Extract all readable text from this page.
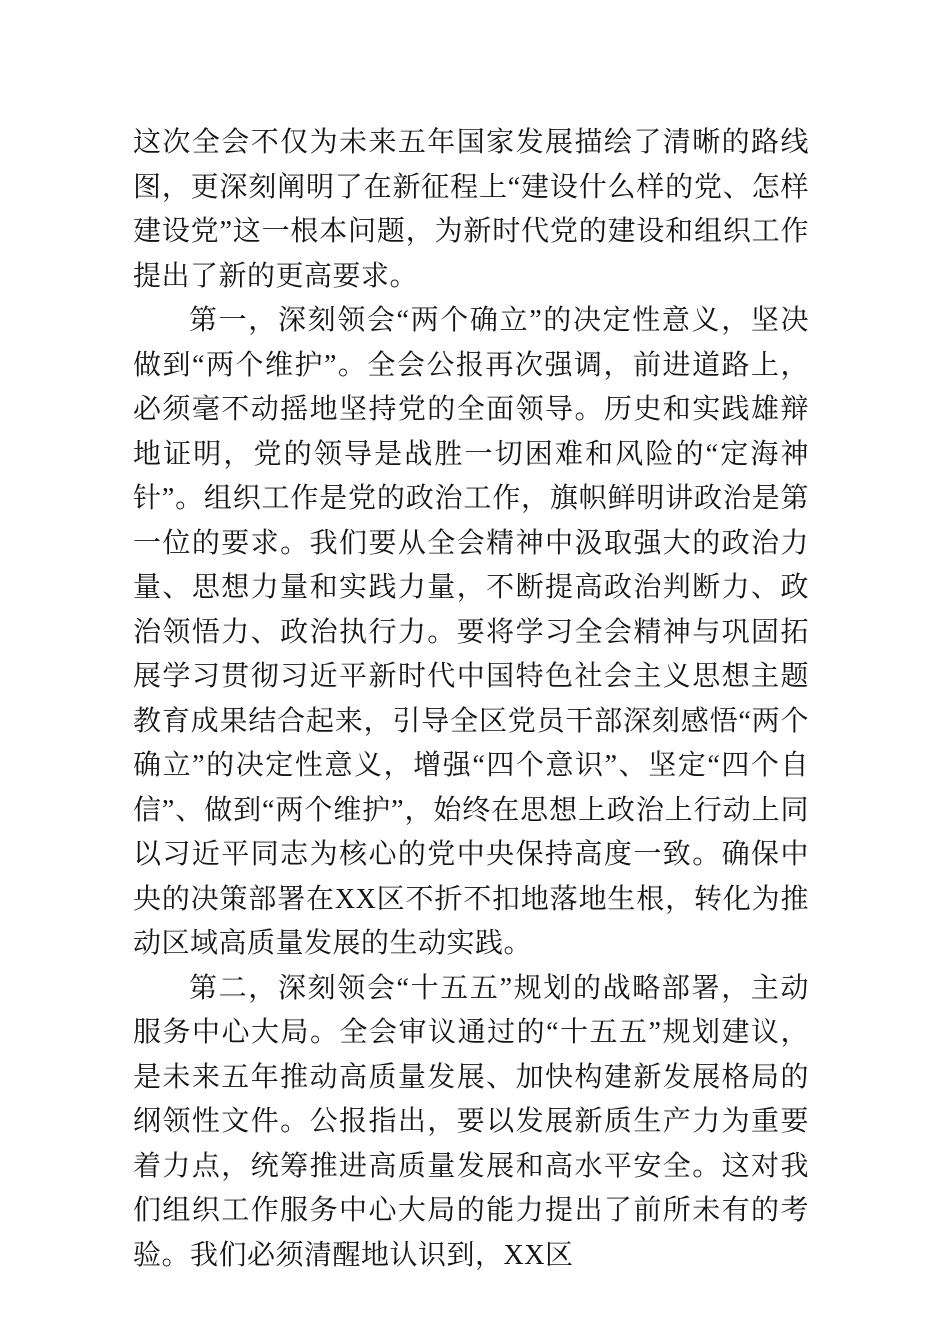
这次全会不仅为未来五年国家发展描绘了清晰的路线图，更深刻阐明了在新征程上“建设什么样的党、怎样建设党”这一根本问题，为新时代党的建设和组织工作提出了新的更高要求。

第一，深刻领会“两个确立”的决定性意义，坚决做到“两个维护”。全会公报再次强调，前进道路上，必须毫不动摇地坚持党的全面领导。历史和实践雄辩地证明，党的领导是战胜一切困难和风险的“定海神针”。组织工作是党的政治工作，旗帜鲜明讲政治是第一位的要求。我们要从全会精神中汲取强大的政治力量、思想力量和实践力量，不断提高政治判断力、政治领悟力、政治执行力。要将学习全会精神与巩固拓展学习贯彻习近平新时代中国特色社会主义思想主题教育成果结合起来，引导全区党员干部深刻感悟“两个确立”的决定性意义，增强“四个意识”、坚定“四个自信”、做到“两个维护”，始终在思想上政治上行动上同以习近平同志为核心的党中央保持高度一致。确保中央的决策部署在XX区不折不扣地落地生根，转化为推动区域高质量发展的生动实践。

第二，深刻领会“十五五”规划的战略部署，主动服务中心大局。全会审议通过的“十五五”规划建议，是未来五年推动高质量发展、加快构建新发展格局的纲领性文件。公报指出，要以发展新质生产力为重要着力点，统筹推进高质量发展和高水平安全。这对我们组织工作服务中心大局的能力提出了前所未有的考验。我们必须清醒地认识到，XX区
